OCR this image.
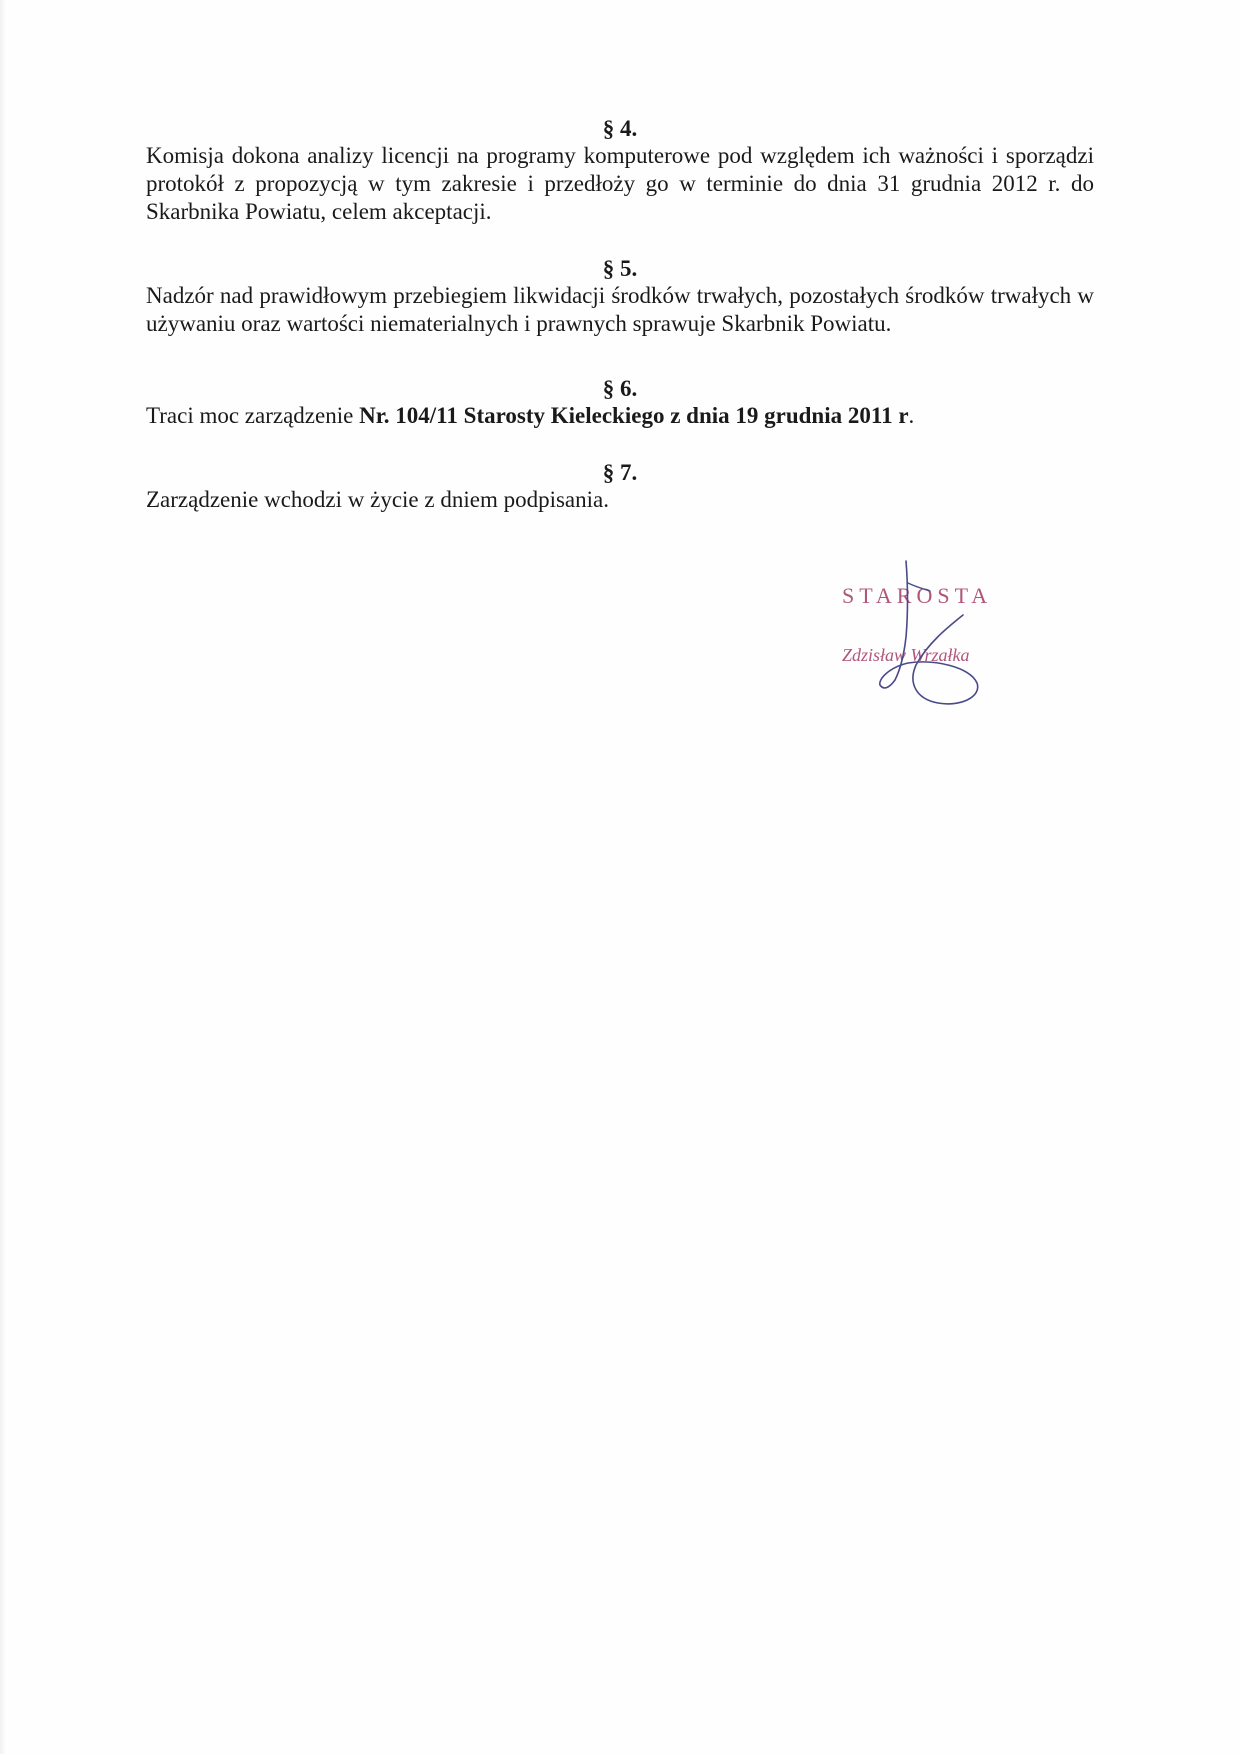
§ 4.

Komisja dokona analizy licencji na programy komputerowe pod względem ich ważności i sporządzi protokół z propozycją w tym zakresie i przedłoży go w terminie do dnia 31 grudnia 2012 r. do Skarbnika Powiatu, celem akceptacji.

§ 5.

Nadzór nad prawidłowym przebiegiem likwidacji środków trwałych, pozostałych środków trwałych w używaniu oraz wartości niematerialnych i prawnych sprawuje Skarbnik Powiatu.

§ 6.

Traci moc zarządzenie Nr. 104/11 Starosty Kieleckiego z dnia 19 grudnia 2011 r.

§ 7.

Zarządzenie wchodzi w życie z dniem podpisania.

STAROSTA

Zdzisław Wrzałka
